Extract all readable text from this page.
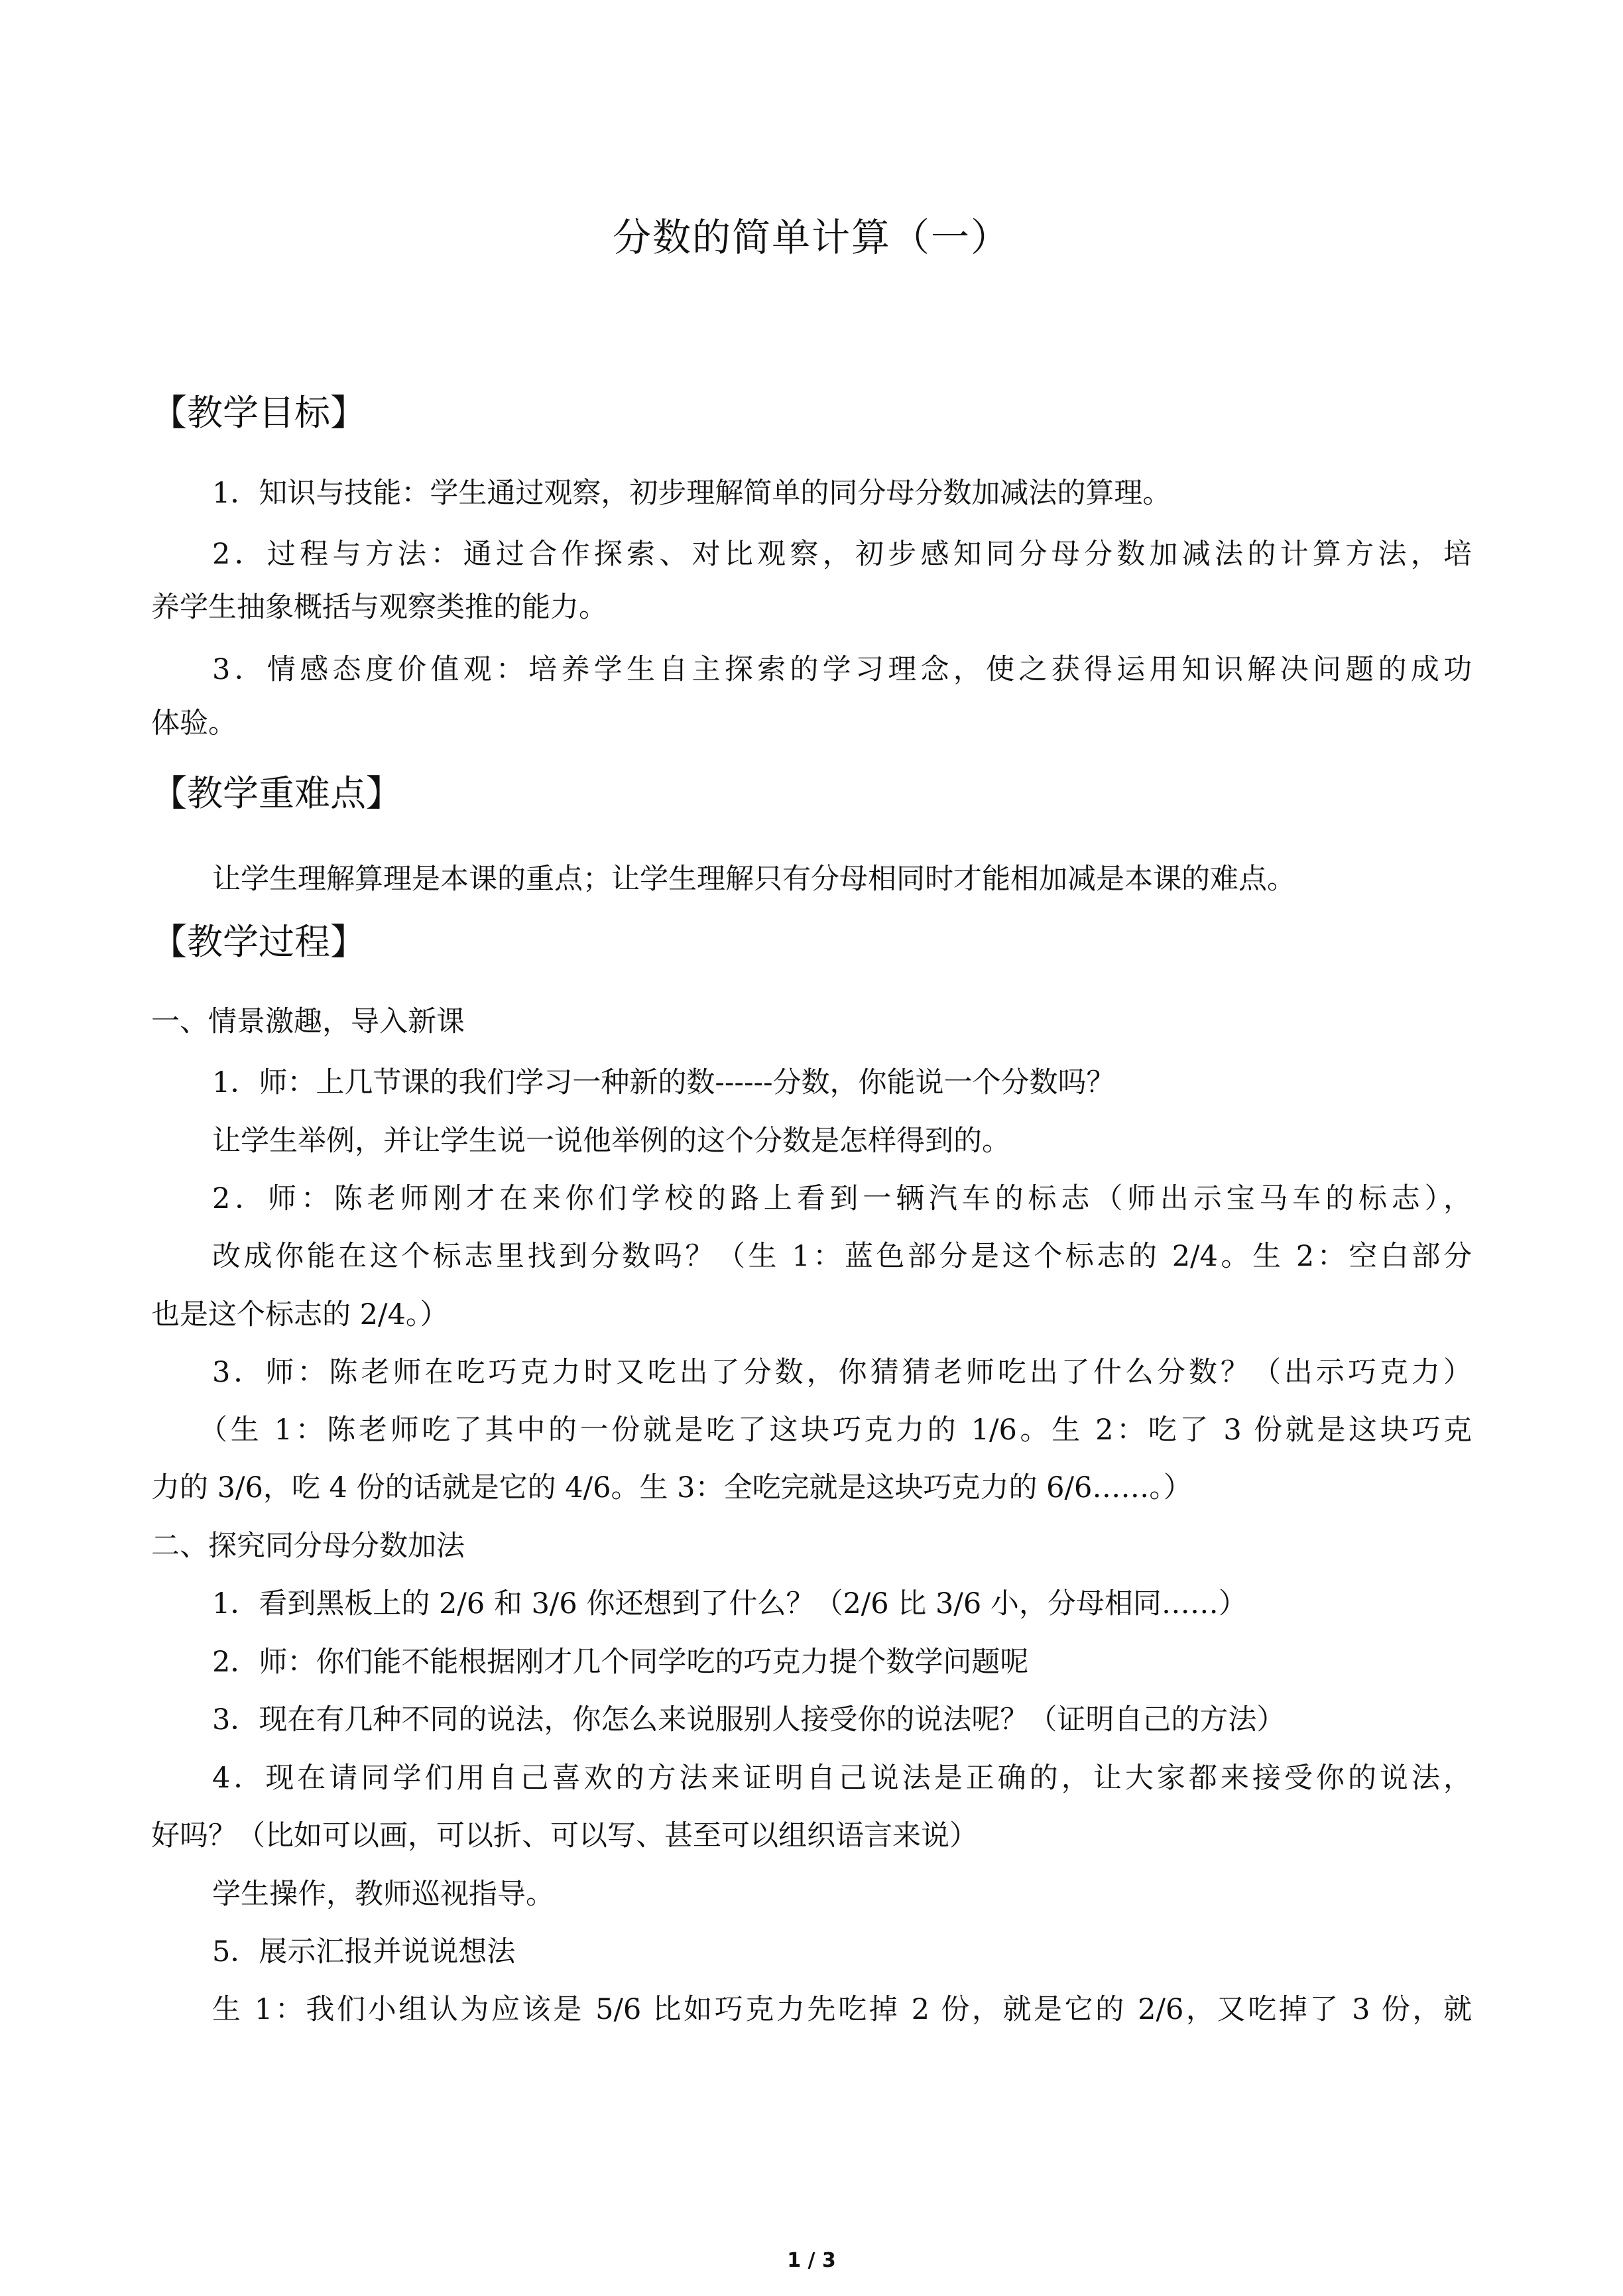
分数的简单计算（一）
【教学目标】

1．知识与技能：学生通过观察，初步理解简单的同分母分数加减法的算理。

2．过程与方法：通过合作探索、对比观察，初步感知同分母分数加减法的计算方法，培

养学生抽象概括与观察类推的能力。

3．情感态度价值观：培养学生自主探索的学习理念，使之获得运用知识解决问题的成功

体验。

【教学重难点】

让学生理解算理是本课的重点；让学生理解只有分母相同时才能相加减是本课的难点。

【教学过程】

一、情景激趣，导入新课

1．师：上几节课的我们学习一种新的数------分数，你能说一个分数吗？

让学生举例，并让学生说一说他举例的这个分数是怎样得到的。

2．师：陈老师刚才在来你们学校的路上看到一辆汽车的标志（师出示宝马车的标志），

改成你能在这个标志里找到分数吗？（生 1：蓝色部分是这个标志的 2/4。生 2：空白部分

也是这个标志的 2/4。）

3．师：陈老师在吃巧克力时又吃出了分数，你猜猜老师吃出了什么分数？（出示巧克力）

（生 1：陈老师吃了其中的一份就是吃了这块巧克力的 1/6。生 2：吃了 3 份就是这块巧克

力的 3/6，吃 4 份的话就是它的 4/6。生 3：全吃完就是这块巧克力的 6/6……。）

二、探究同分母分数加法

1．看到黑板上的 2/6 和 3/6 你还想到了什么？（2/6 比 3/6 小，分母相同……）

2．师：你们能不能根据刚才几个同学吃的巧克力提个数学问题呢

3．现在有几种不同的说法，你怎么来说服别人接受你的说法呢？（证明自己的方法）

4．现在请同学们用自己喜欢的方法来证明自己说法是正确的，让大家都来接受你的说法，

好吗？（比如可以画，可以折、可以写、甚至可以组织语言来说）

学生操作，教师巡视指导。

5．展示汇报并说说想法

生 1：我们小组认为应该是 5/6 比如巧克力先吃掉 2 份，就是它的 2/6，又吃掉了 3 份，就

1 / 3
